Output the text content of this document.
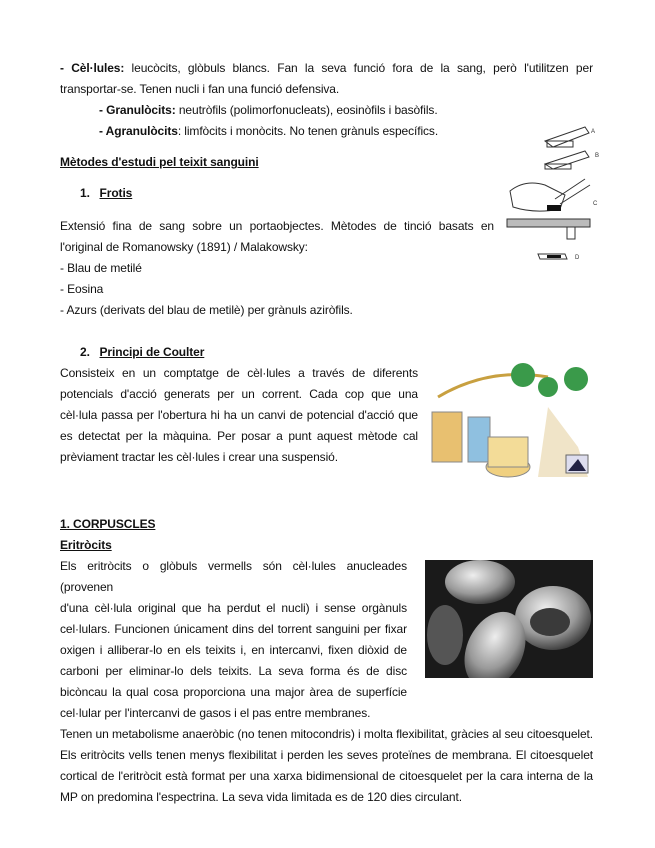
- Cèl·lules: leucòcits, glòbuls blancs. Fan la seva funció fora de la sang, però l'utilitzen per
transportar-se. Tenen nucli i fan una funció defensiva.
- Granulòcits: neutròfils (polimorfonucleats), eosinòfils i basòfils.
A
B
C
D
- Agranulòcits: limfòcits i monòcits. No tenen grànuls específics.
Mètodes d'estudi pel teixit sanguini
1. Frotis
Extensió fina de sang sobre un portaobjectes. Mètodes de tinció basats en
l'original de Romanowsky (1891) / Malakowsky:
- Blau de metilé
- Eosina
- Azurs (derivats del blau de metilè) per grànuls aziròfils.
2. Principi de Coulter
Consisteix en un comptatge de cèl·lules a través de diferents
potencials d'acció generats per un corrent. Cada cop que una
cèl·lula passa per l'obertura hi ha un canvi de potencial d'acció que
es detectat per la màquina. Per posar a punt aquest mètode cal
prèviament tractar les cèl·lules i crear una suspensió.
1. CORPUSCLES
Eritròcits
Els eritròcits o glòbuls vermells són cèl·lules anucleades (provenen
d'una cèl·lula original que ha perdut el nucli) i sense orgànuls
cel·lulars. Funcionen únicament dins del torrent sanguini per fixar
oxigen i alliberar-lo en els teixits i, en intercanvi, fixen diòxid de
carboni per eliminar-lo dels teixits. La seva forma és de disc
bicòncau la qual cosa proporciona una major àrea de superfície
cel·lular per l'intercanvi de gasos i el pas entre membranes.
Tenen un metabolisme anaeròbic (no tenen mitocondris) i molta flexibilitat, gràcies al seu citoesquelet.
Els eritròcits vells tenen menys flexibilitat i perden les seves proteïnes de membrana. El citoesquelet
cortical de l'eritròcit està format per una xarxa bidimensional de citoesquelet per la cara interna de la
MP on predomina l'espectrina. La seva vida limitada es de 120 dies circulant.
